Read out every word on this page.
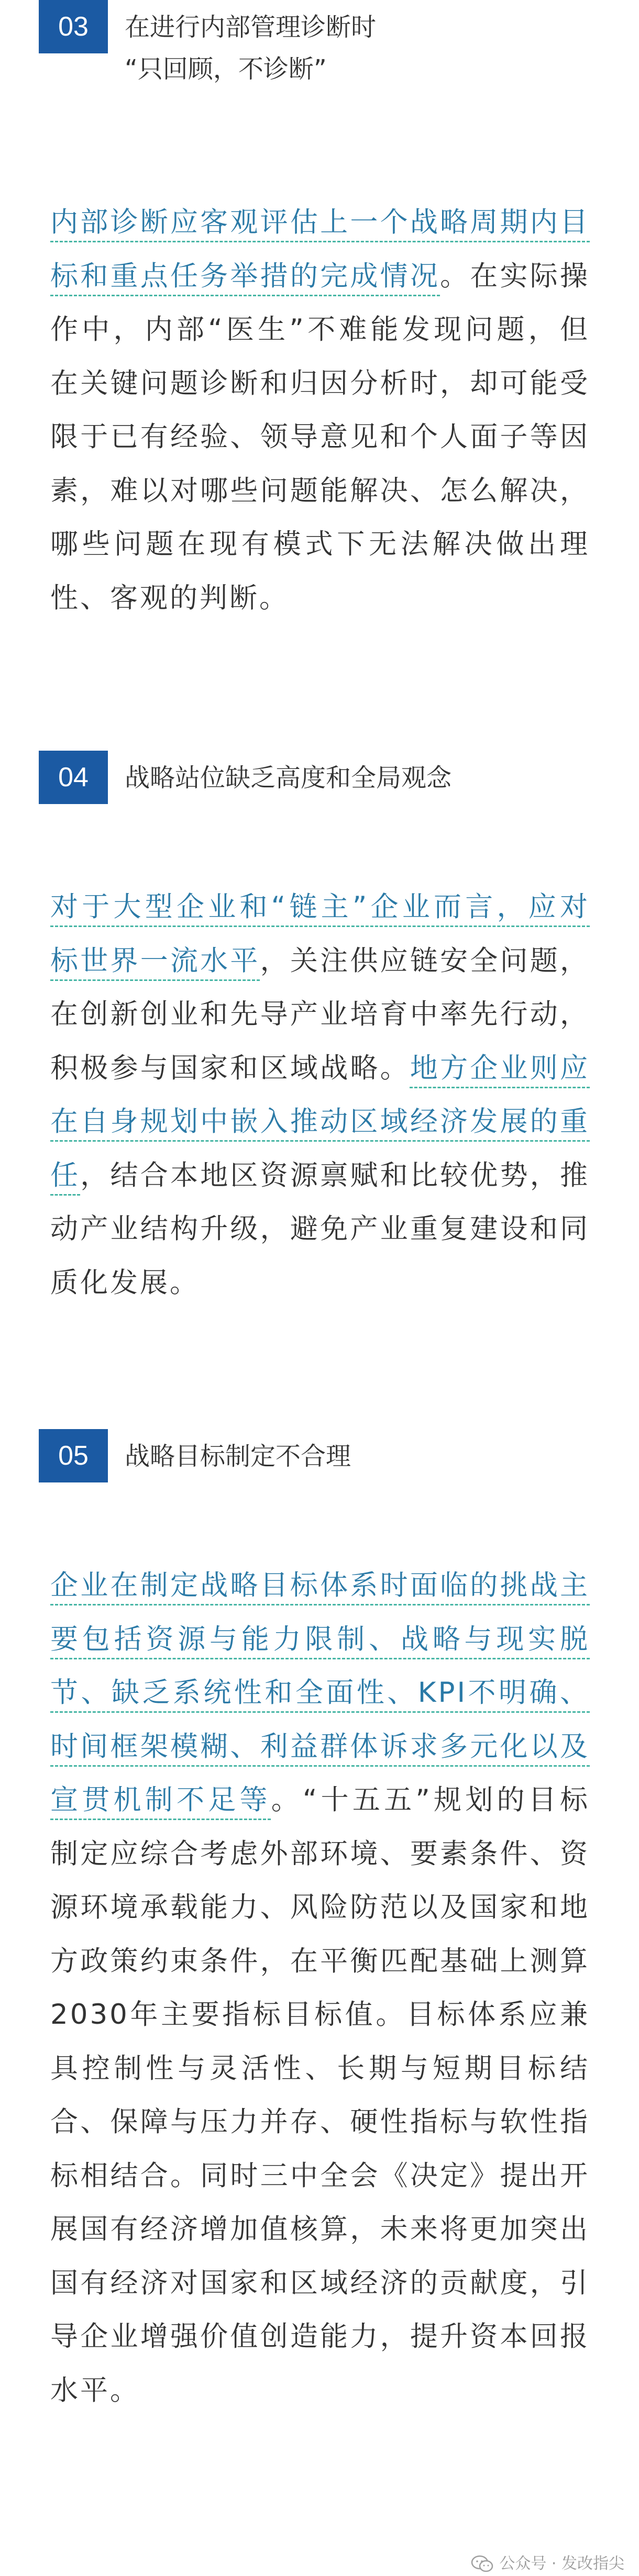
03	在进行内部管理诊断时
“只回顾，不诊断”

内部诊断应客观评估上一个战略周期内目标和重点任务举措的完成情况。在实际操作中，内部“医生”不难能发现问题，但在关键问题诊断和归因分析时，却可能受限于已有经验、领导意见和个人面子等因素，难以对哪些问题能解决、怎么解决，哪些问题在现有模式下无法解决做出理性、客观的判断。

04	战略站位缺乏高度和全局观念

对于大型企业和“链主”企业而言，应对标世界一流水平，关注供应链安全问题，在创新创业和先导产业培育中率先行动，积极参与国家和区域战略。地方企业则应在自身规划中嵌入推动区域经济发展的重任，结合本地区资源禀赋和比较优势，推动产业结构升级，避免产业重复建设和同质化发展。

05	战略目标制定不合理

企业在制定战略目标体系时面临的挑战主要包括资源与能力限制、战略与现实脱节、缺乏系统性和全面性、KPI不明确、时间框架模糊、利益群体诉求多元化以及宣贯机制不足等。“十五五”规划的目标制定应综合考虑外部环境、要素条件、资源环境承载能力、风险防范以及国家和地方政策约束条件，在平衡匹配基础上测算2030年主要指标目标值。目标体系应兼具控制性与灵活性、长期与短期目标结合、保障与压力并存、硬性指标与软性指标相结合。同时三中全会《决定》提出开展国有经济增加值核算，未来将更加突出国有经济对国家和区域经济的贡献度，引导企业增强价值创造能力，提升资本回报水平。

公众号 · 发改指尖
